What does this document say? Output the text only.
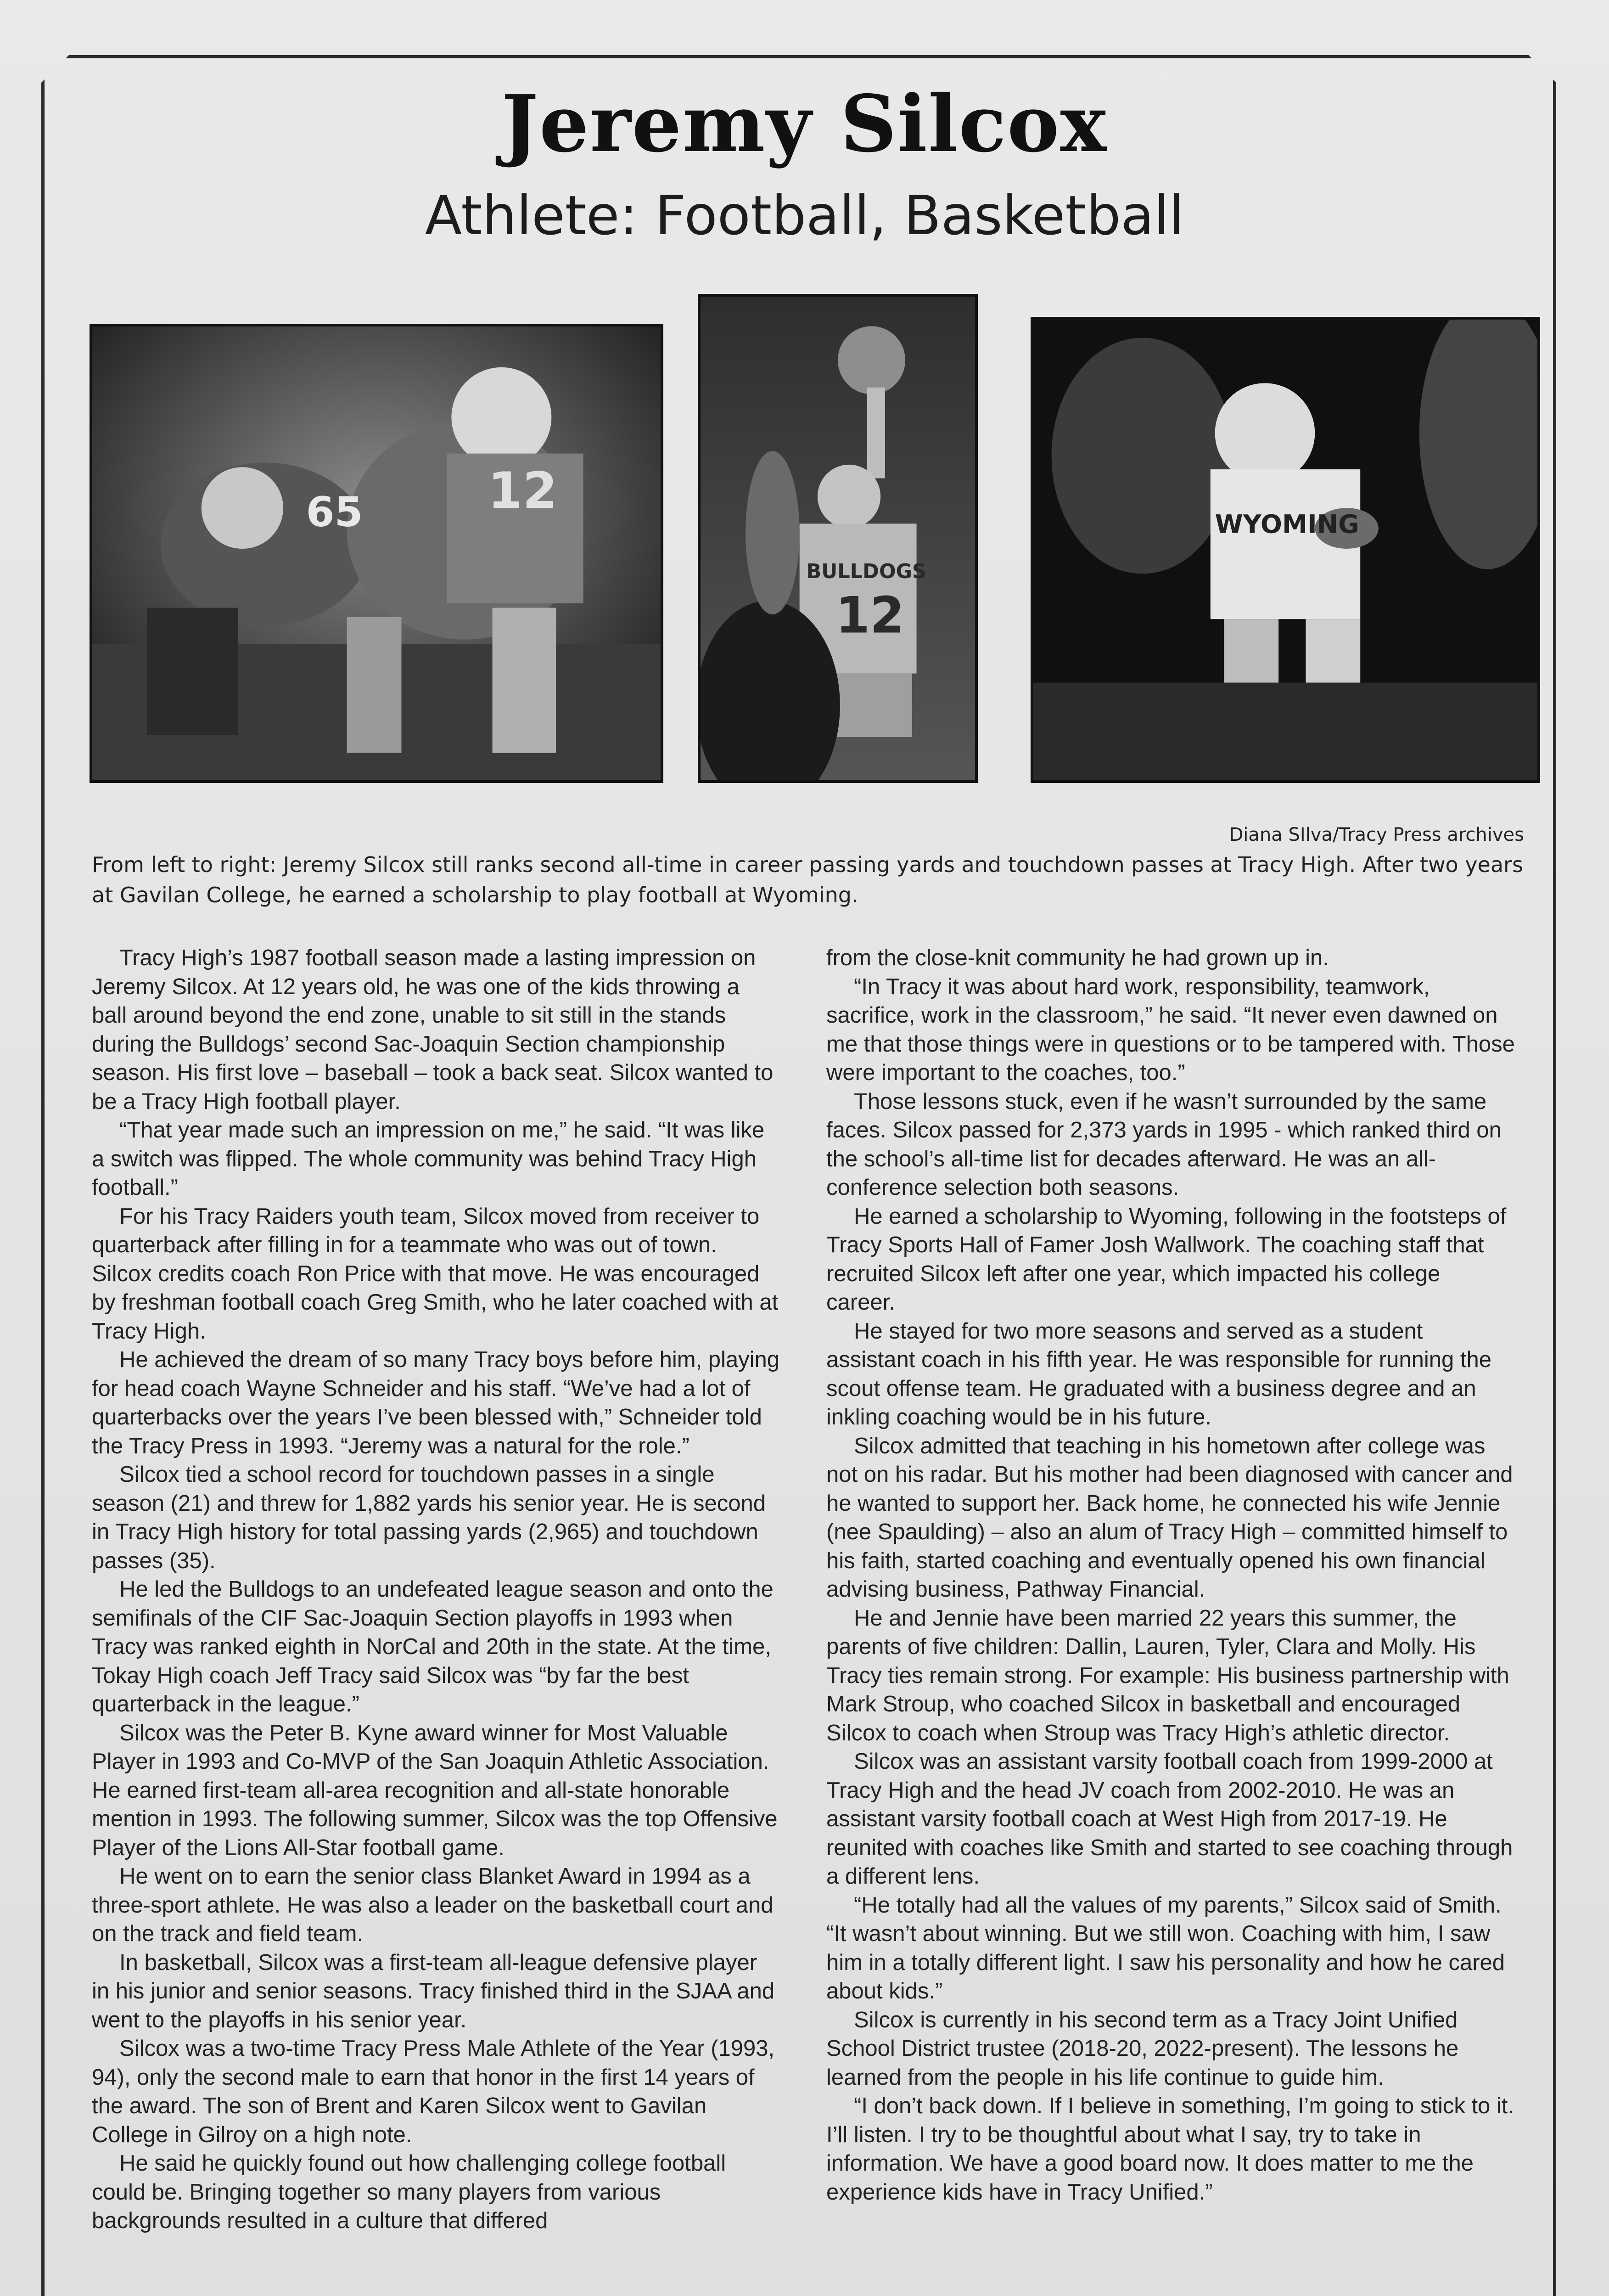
Jeremy Silcox
Athlete: Football, Basketball
65 12
BULLDOGS
12
WYOMING
Diana SIlva/Tracy Press archives
From left to right: Jeremy Silcox still ranks second all-time in career passing yards and touchdown passes at Tracy High. After two years at Gavilan College, he earned a scholarship to play football at Wyoming.

Tracy High’s 1987 football season made a lasting impression on Jeremy Silcox. At 12 years old, he was one of the kids throwing a ball around beyond the end zone, unable to sit still in the stands during the Bulldogs’ second Sac-Joaquin Section championship season. His first love – baseball – took a back seat. Silcox wanted to be a Tracy High football player.

“That year made such an impression on me,” he said. “It was like a switch was flipped. The whole community was behind Tracy High football.”

For his Tracy Raiders youth team, Silcox moved from receiver to quarterback after filling in for a teammate who was out of town. Silcox credits coach Ron Price with that move. He was encouraged by freshman football coach Greg Smith, who he later coached with at Tracy High.

He achieved the dream of so many Tracy boys before him, playing for head coach Wayne Schneider and his staff. “We’ve had a lot of quarterbacks over the years I’ve been blessed with,” Schneider told the Tracy Press in 1993. “Jeremy was a natural for the role.”

Silcox tied a school record for touchdown passes in a single season (21) and threw for 1,882 yards his senior year. He is second in Tracy High history for total passing yards (2,965) and touchdown passes (35).

He led the Bulldogs to an undefeated league season and onto the semifinals of the CIF Sac-Joaquin Section playoffs in 1993 when Tracy was ranked eighth in NorCal and 20th in the state. At the time, Tokay High coach Jeff Tracy said Silcox was “by far the best quarterback in the league.”

Silcox was the Peter B. Kyne award winner for Most Valuable Player in 1993 and Co-MVP of the San Joaquin Athletic Association. He earned first-team all-area recognition and all-state honorable mention in 1993. The following summer, Silcox was the top Offensive Player of the Lions All-Star football game.

He went on to earn the senior class Blanket Award in 1994 as a three-sport athlete. He was also a leader on the basketball court and on the track and field team.

In basketball, Silcox was a first-team all-league defensive player in his junior and senior seasons. Tracy finished third in the SJAA and went to the playoffs in his senior year.

Silcox was a two-time Tracy Press Male Athlete of the Year (1993, 94), only the second male to earn that honor in the first 14 years of the award. The son of Brent and Karen Silcox went to Gavilan College in Gilroy on a high note.

He said he quickly found out how challenging college football could be. Bringing together so many players from various backgrounds resulted in a culture that differed

from the close-knit community he had grown up in.

“In Tracy it was about hard work, responsibility, teamwork, sacrifice, work in the classroom,” he said. “It never even dawned on me that those things were in questions or to be tampered with. Those were important to the coaches, too.”

Those lessons stuck, even if he wasn’t surrounded by the same faces. Silcox passed for 2,373 yards in 1995 - which ranked third on the school’s all-time list for decades afterward. He was an all-conference selection both seasons.

He earned a scholarship to Wyoming, following in the footsteps of Tracy Sports Hall of Famer Josh Wallwork. The coaching staff that recruited Silcox left after one year, which impacted his college career.

He stayed for two more seasons and served as a student assistant coach in his fifth year. He was responsible for running the scout offense team. He graduated with a business degree and an inkling coaching would be in his future.

Silcox admitted that teaching in his hometown after college was not on his radar. But his mother had been diagnosed with cancer and he wanted to support her. Back home, he connected his wife Jennie (nee Spaulding) – also an alum of Tracy High – committed himself to his faith, started coaching and eventually opened his own financial advising business, Pathway Financial.

He and Jennie have been married 22 years this summer, the parents of five children: Dallin, Lauren, Tyler, Clara and Molly. His Tracy ties remain strong. For example: His business partnership with Mark Stroup, who coached Silcox in basketball and encouraged Silcox to coach when Stroup was Tracy High’s athletic director.

Silcox was an assistant varsity football coach from 1999-2000 at Tracy High and the head JV coach from 2002-2010. He was an assistant varsity football coach at West High from 2017-19. He reunited with coaches like Smith and started to see coaching through a different lens.

“He totally had all the values of my parents,” Silcox said of Smith. “It wasn’t about winning. But we still won. Coaching with him, I saw him in a totally different light. I saw his personality and how he cared about kids.”

Silcox is currently in his second term as a Tracy Joint Unified School District trustee (2018-20, 2022-present). The lessons he learned from the people in his life continue to guide him.

“I don’t back down. If I believe in something, I’m going to stick to it. I’ll listen. I try to be thoughtful about what I say, try to take in information. We have a good board now. It does matter to me the experience kids have in Tracy Unified.”
